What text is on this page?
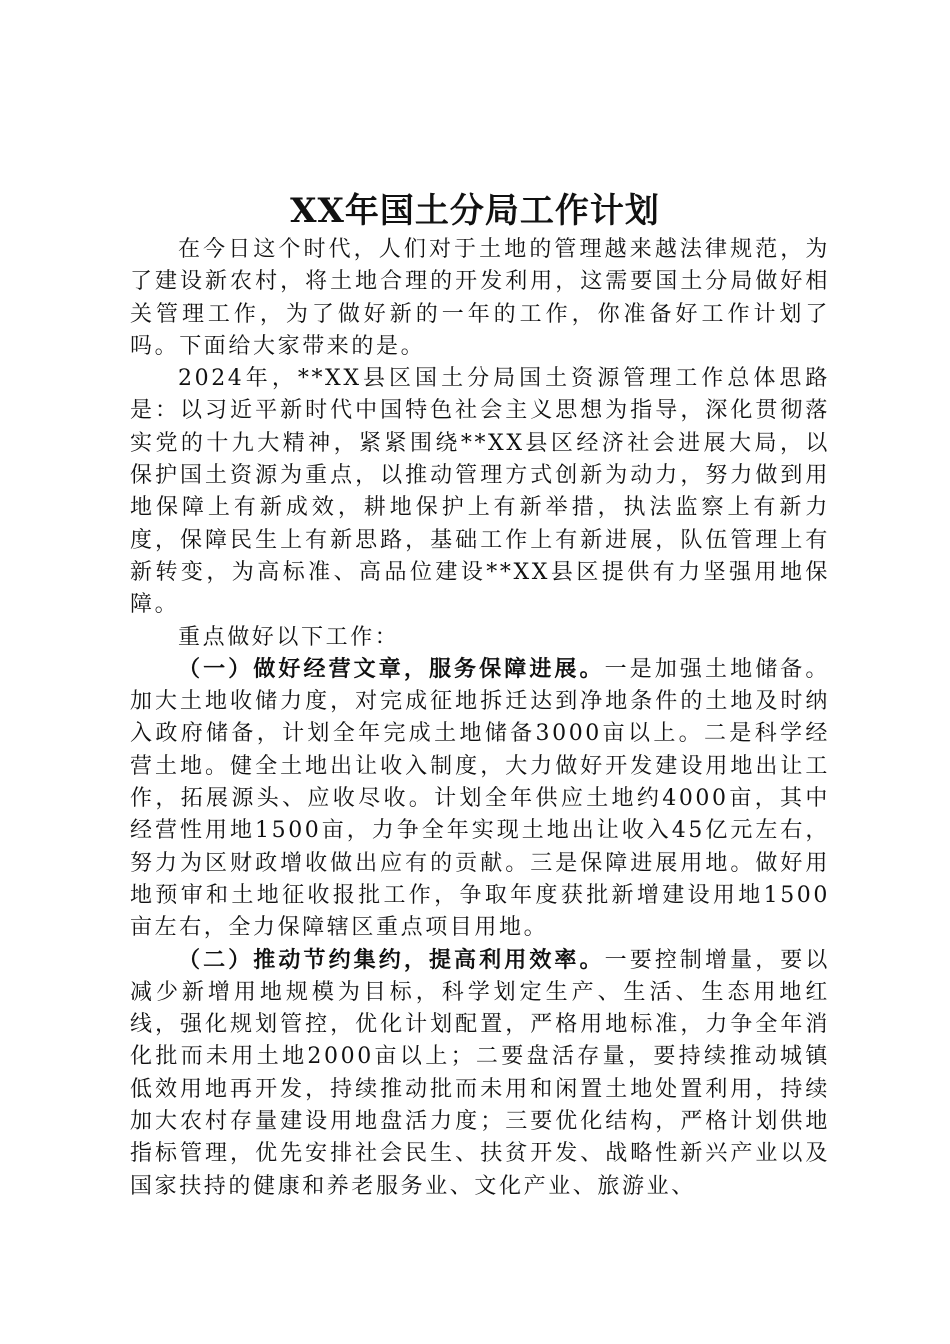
XX年国土分局工作计划

在今日这个时代，人们对于土地的管理越来越法律规范，为了建设新农村，将土地合理的开发利用，这需要国土分局做好相关管理工作，为了做好新的一年的工作，你准备好工作计划了吗。下面给大家带来的是。

2024年，**XX县区国土分局国土资源管理工作总体思路是：以习近平新时代中国特色社会主义思想为指导，深化贯彻落实党的十九大精神，紧紧围绕**XX县区经济社会进展大局，以保护国土资源为重点，以推动管理方式创新为动力，努力做到用地保障上有新成效，耕地保护上有新举措，执法监察上有新力度，保障民生上有新思路，基础工作上有新进展，队伍管理上有新转变，为高标准、高品位建设**XX县区提供有力坚强用地保障。

重点做好以下工作：

（一）做好经营文章，服务保障进展。一是加强土地储备。加大土地收储力度，对完成征地拆迁达到净地条件的土地及时纳入政府储备，计划全年完成土地储备3000亩以上。二是科学经营土地。健全土地出让收入制度，大力做好开发建设用地出让工作，拓展源头、应收尽收。计划全年供应土地约4000亩，其中经营性用地1500亩，力争全年实现土地出让收入45亿元左右，努力为区财政增收做出应有的贡献。三是保障进展用地。做好用地预审和土地征收报批工作，争取年度获批新增建设用地1500亩左右，全力保障辖区重点项目用地。

（二）推动节约集约，提高利用效率。一要控制增量，要以减少新增用地规模为目标，科学划定生产、生活、生态用地红线，强化规划管控，优化计划配置，严格用地标准，力争全年消化批而未用土地2000亩以上；二要盘活存量，要持续推动城镇低效用地再开发，持续推动批而未用和闲置土地处置利用，持续加大农村存量建设用地盘活力度；三要优化结构，严格计划供地指标管理，优先安排社会民生、扶贫开发、战略性新兴产业以及国家扶持的健康和养老服务业、文化产业、旅游业、
